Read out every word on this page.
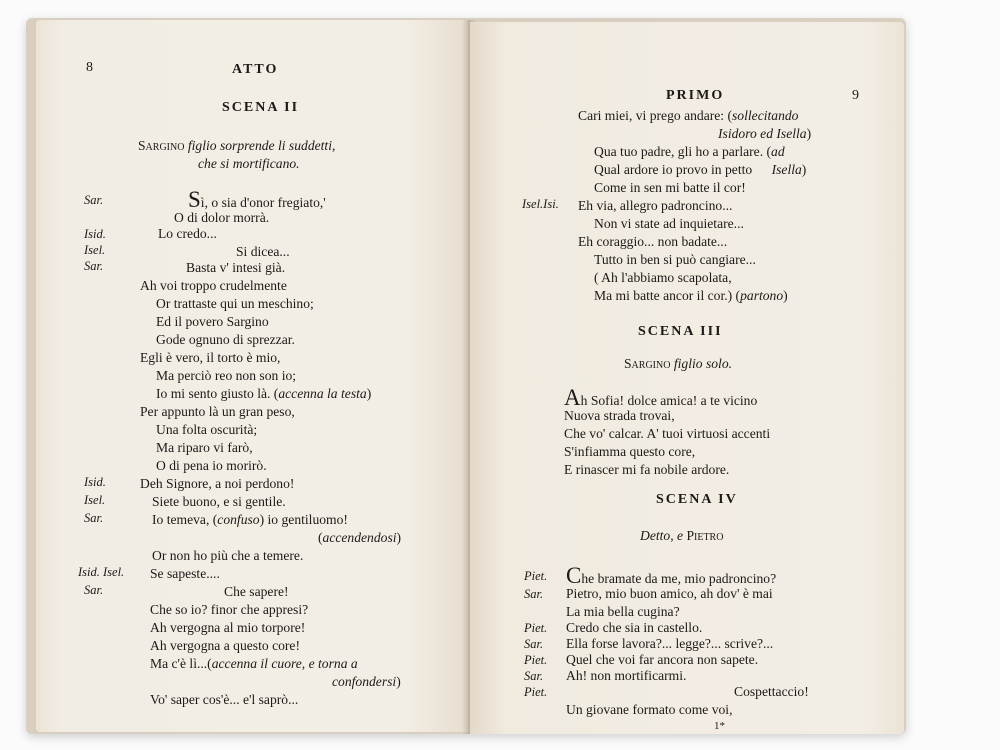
8	ATTO
SCENA II
Sargino figlio sorprende li suddetti,
che si mortificano.
Sar.	Sì, o sia d'onor fregiato,'
O di dolor morrà.
Isid.	Lo credo...
Isel.	Si dicea...
Sar.	Basta v' intesi già.
Ah voi troppo crudelmente
Or trattaste qui un meschino;
Ed il povero Sargino
Gode ognuno di sprezzar.
Egli è vero, il torto è mio,
Ma perciò reo non son io;
Io mi sento giusto là. (accenna la testa)
Per appunto là un gran peso,
Una folta oscurità;
Ma riparo vi farò,
O di pena io morirò.
Isid.	Deh Signore, a noi perdono!
Isel.	Siete buono, e si gentile.
Sar.	Io temeva, (confuso) io gentiluomo!
(accendendosi)
Or non ho più che a temere.
Isid. Isel. Se sapeste....
Sar.	Che sapere!
Che so io? finor che appresi?
Ah vergogna al mio torpore!
Ah vergogna a questo core!
Ma c'è lì...(accenna il cuore, e torna a
confondersi)
Vo' saper cos'è... e'l saprò...
PRIMO	9
Cari miei, vi prego andare: (sollecitando
Isidoro ed Isella)
Qua tuo padre, gli ho a parlare. (ad
Qual ardore io provo in petto Isella)
Come in sen mi batte il cor!
Isel.Isi. Eh via, allegro padroncino...
Non vi state ad inquietare...
Eh coraggio... non badate...
Tutto in ben si può cangiare...
( Ah l'abbiamo scapolata,
Ma mi batte ancor il cor.) (partono)
SCENA III
Sargino figlio solo.
Ah Sofia! dolce amica! a te vicino
Nuova strada trovai,
Che vo' calcar. A' tuoi virtuosi accenti
S'infiamma questo core,
E rinascer mi fa nobile ardore.
SCENA IV
Detto, e Pietro
Piet. Che bramate da me, mio padroncino?
Sar. Pietro, mio buon amico, ah dov' è mai
La mia bella cugina?
Piet. Credo che sia in castello.
Sar. Ella forse lavora?... legge?... scrive?...
Piet. Quel che voi far ancora non sapete.
Sar. Ah! non mortificarmi.
Piet.	Cospettaccio!
Un giovane formato come voi,
1*
